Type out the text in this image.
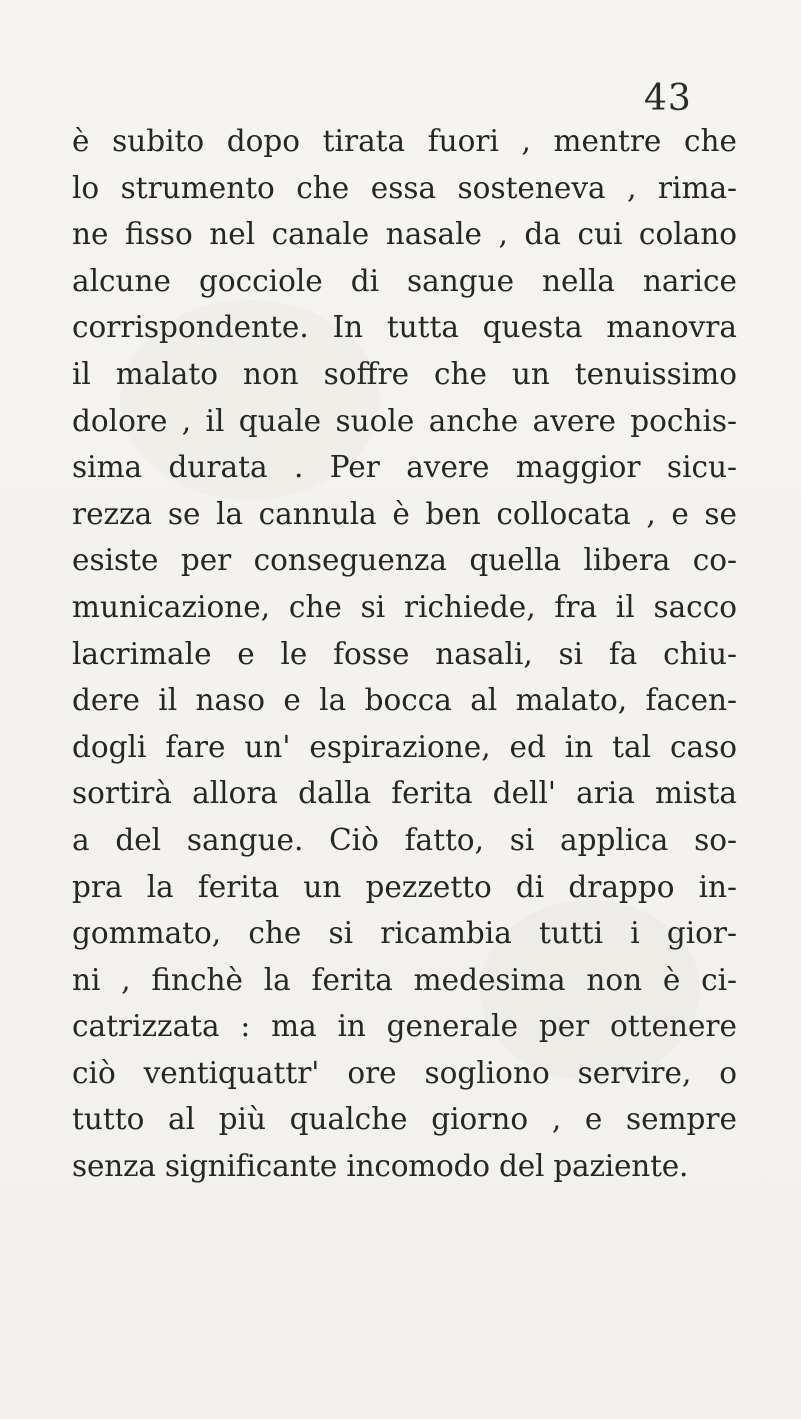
43
è subito dopo tirata fuori , mentre che
lo strumento che essa sosteneva , rima-
ne fisso nel canale nasale , da cui colano
alcune gocciole di sangue nella narice
corrispondente. In tutta questa manovra
il malato non soffre che un tenuissimo
dolore , il quale suole anche avere pochis-
sima durata . Per avere maggior sicu-
rezza se la cannula è ben collocata , e se
esiste per conseguenza quella libera co-
municazione, che si richiede, fra il sacco
lacrimale e le fosse nasali, si fa chiu-
dere il naso e la bocca al malato, facen-
dogli fare un' espirazione, ed in tal caso
sortirà allora dalla ferita dell' aria mista
a del sangue. Ciò fatto, si applica so-
pra la ferita un pezzetto di drappo in-
gommato, che si ricambia tutti i gior-
ni , finchè la ferita medesima non è ci-
catrizzata : ma in generale per ottenere
ciò ventiquattr' ore sogliono servire, o
tutto al più qualche giorno , e sempre
senza significante incomodo del paziente.
